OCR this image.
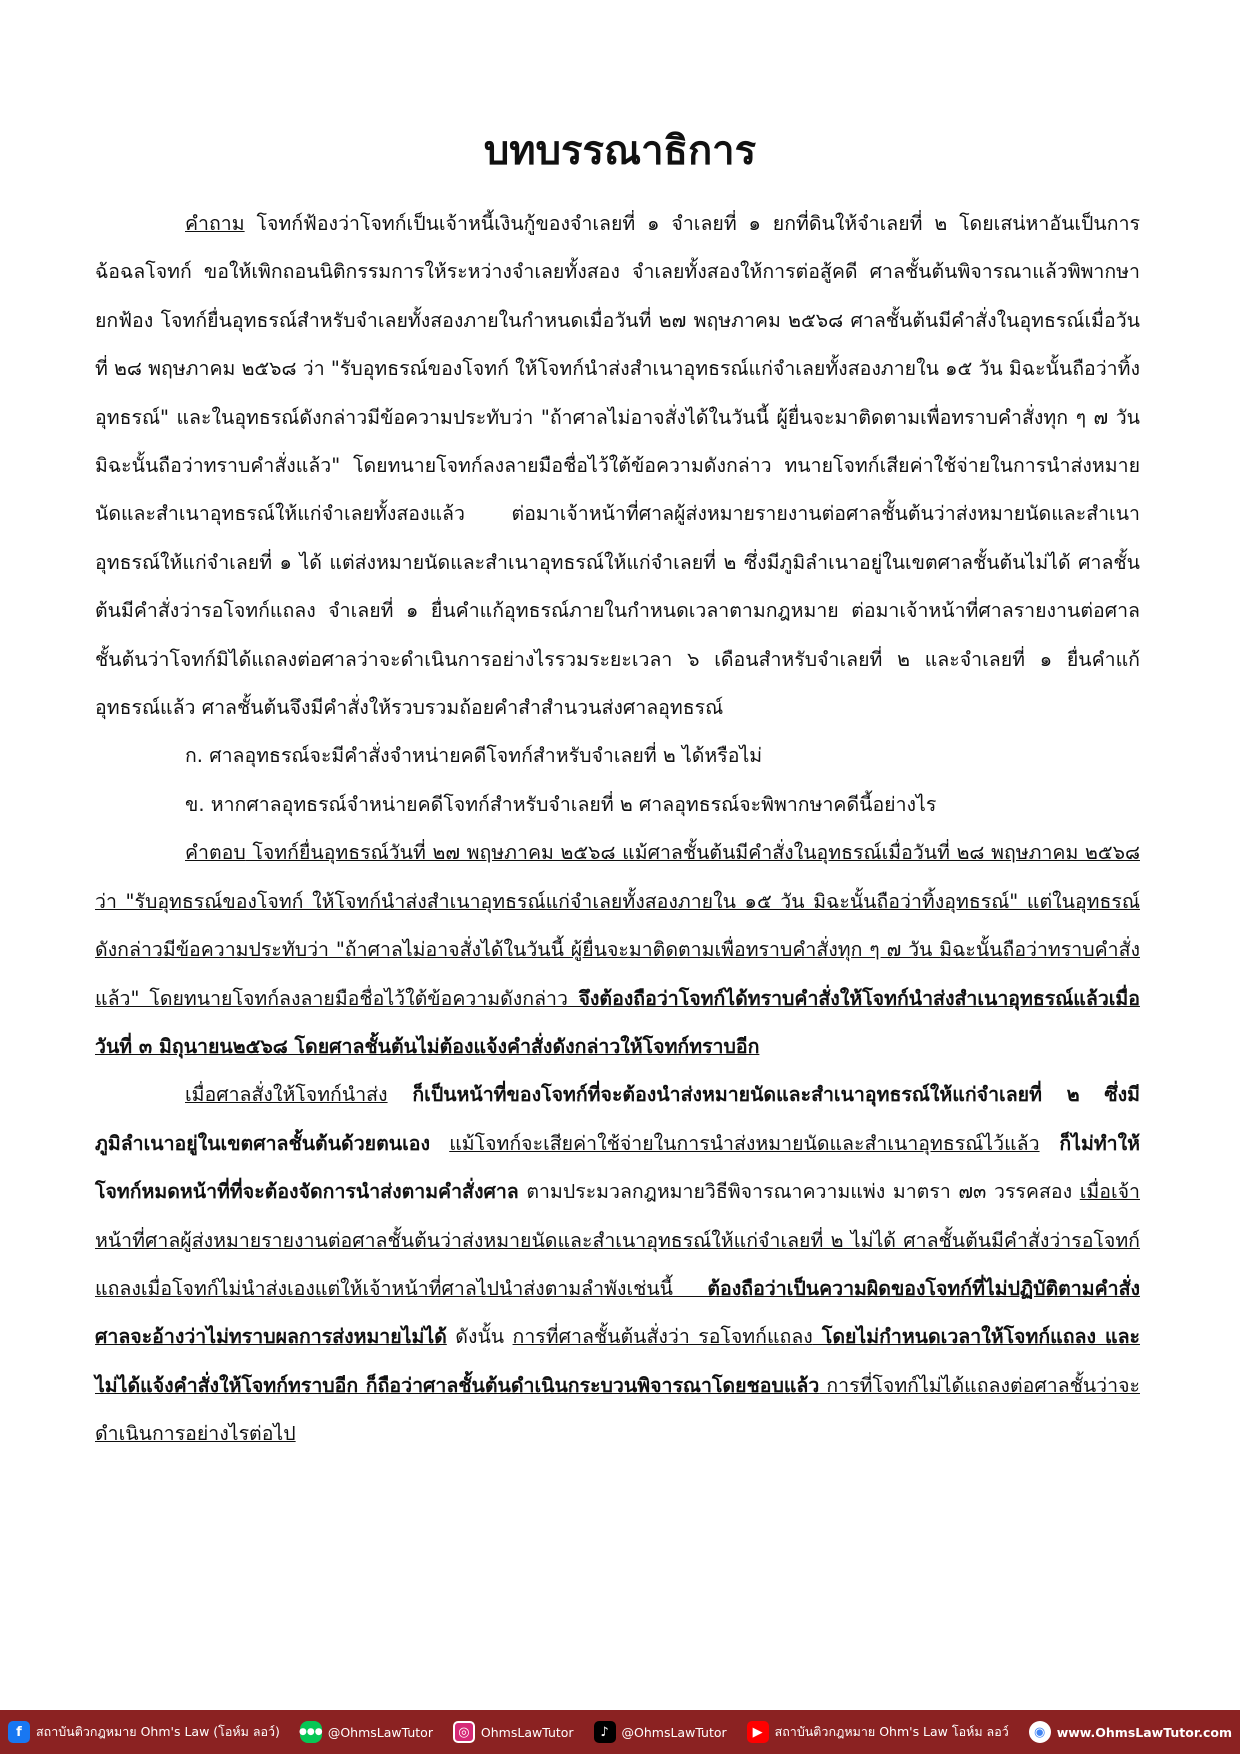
บทบรรณาธิการ

คำถาม โจทก์ฟ้องว่าโจทก์เป็นเจ้าหนี้เงินกู้ของจำเลยที่ ๑ จำเลยที่ ๑ ยกที่ดินให้จำเลยที่ ๒ โดยเสน่หาอันเป็นการฉ้อฉลโจทก์ ขอให้เพิกถอนนิติกรรมการให้ระหว่างจำเลยทั้งสอง จำเลยทั้งสองให้การต่อสู้คดี ศาลชั้นต้นพิจารณาแล้วพิพากษายกฟ้อง โจทก์ยื่นอุทธรณ์สำหรับจำเลยทั้งสองภายในกำหนดเมื่อวันที่ ๒๗ พฤษภาคม ๒๕๖๘ ศาลชั้นต้นมีคำสั่งในอุทธรณ์เมื่อวันที่ ๒๘ พฤษภาคม ๒๕๖๘ ว่า "รับอุทธรณ์ของโจทก์ ให้โจทก์นำส่งสำเนาอุทธรณ์แก่จำเลยทั้งสองภายใน ๑๕ วัน มิฉะนั้นถือว่าทิ้งอุทธรณ์" และในอุทธรณ์ดังกล่าวมีข้อความประทับว่า "ถ้าศาลไม่อาจสั่งได้ในวันนี้ ผู้ยื่นจะมาติดตามเพื่อทราบคำสั่งทุก ๆ ๗ วัน มิฉะนั้นถือว่าทราบคำสั่งแล้ว" โดยทนายโจทก์ลงลายมือชื่อไว้ใต้ข้อความดังกล่าว ทนายโจทก์เสียค่าใช้จ่ายในการนำส่งหมายนัดและสำเนาอุทธรณ์ให้แก่จำเลยทั้งสองแล้ว ต่อมาเจ้าหน้าที่ศาลผู้ส่งหมายรายงานต่อศาลชั้นต้นว่าส่งหมายนัดและสำเนาอุทธรณ์ให้แก่จำเลยที่ ๑ ได้ แต่ส่งหมายนัดและสำเนาอุทธรณ์ให้แก่จำเลยที่ ๒ ซึ่งมีภูมิลำเนาอยู่ในเขตศาลชั้นต้นไม่ได้ ศาลชั้นต้นมีคำสั่งว่ารอโจทก์แถลง จำเลยที่ ๑ ยื่นคำแก้อุทธรณ์ภายในกำหนดเวลาตามกฎหมาย ต่อมาเจ้าหน้าที่ศาลรายงานต่อศาลชั้นต้นว่าโจทก์มิได้แถลงต่อศาลว่าจะดำเนินการอย่างไรรวมระยะเวลา ๖ เดือนสำหรับจำเลยที่ ๒ และจำเลยที่ ๑ ยื่นคำแก้อุทธรณ์แล้ว ศาลชั้นต้นจึงมีคำสั่งให้รวบรวมถ้อยคำสำสำนวนส่งศาลอุทธรณ์

ก. ศาลอุทธรณ์จะมีคำสั่งจำหน่ายคดีโจทก์สำหรับจำเลยที่ ๒ ได้หรือไม่

ข. หากศาลอุทธรณ์จำหน่ายคดีโจทก์สำหรับจำเลยที่ ๒ ศาลอุทธรณ์จะพิพากษาคดีนี้อย่างไร

คำตอบ โจทก์ยื่นอุทธรณ์วันที่ ๒๗ พฤษภาคม ๒๕๖๘ แม้ศาลชั้นต้นมีคำสั่งในอุทธรณ์เมื่อวันที่ ๒๘ พฤษภาคม ๒๕๖๘ ว่า "รับอุทธรณ์ของโจทก์ ให้โจทก์นำส่งสำเนาอุทธรณ์แก่จำเลยทั้งสองภายใน ๑๕ วัน มิฉะนั้นถือว่าทิ้งอุทธรณ์" แต่ในอุทธรณ์ดังกล่าวมีข้อความประทับว่า "ถ้าศาลไม่อาจสั่งได้ในวันนี้ ผู้ยื่นจะมาติดตามเพื่อทราบคำสั่งทุก ๆ ๗ วัน มิฉะนั้นถือว่าทราบคำสั่งแล้ว" โดยทนายโจทก์ลงลายมือชื่อไว้ใต้ข้อความดังกล่าว จึงต้องถือว่าโจทก์ได้ทราบคำสั่งให้โจทก์นำส่งสำเนาอุทธรณ์แล้วเมื่อวันที่ ๓ มิถุนายน๒๕๖๘ โดยศาลชั้นต้นไม่ต้องแจ้งคำสั่งดังกล่าวให้โจทก์ทราบอีก

เมื่อศาลสั่งให้โจทก์นำส่ง ก็เป็นหน้าที่ของโจทก์ที่จะต้องนำส่งหมายนัดและสำเนาอุทธรณ์ให้แก่จำเลยที่ ๒ ซึ่งมีภูมิลำเนาอยู่ในเขตศาลชั้นต้นด้วยตนเอง แม้โจทก์จะเสียค่าใช้จ่ายในการนำส่งหมายนัดและสำเนาอุทธรณ์ไว้แล้ว ก็ไม่ทำให้โจทก์หมดหน้าที่ที่จะต้องจัดการนำส่งตามคำสั่งศาล ตามประมวลกฎหมายวิธีพิจารณาความแพ่ง มาตรา ๗๓ วรรคสอง เมื่อเจ้าหน้าที่ศาลผู้ส่งหมายรายงานต่อศาลชั้นต้นว่าส่งหมายนัดและสำเนาอุทธรณ์ให้แก่จำเลยที่ ๒ ไม่ได้ ศาลชั้นต้นมีคำสั่งว่ารอโจทก์แถลงเมื่อโจทก์ไม่นำส่งเองแต่ให้เจ้าหน้าที่ศาลไปนำส่งตามลำพังเช่นนี้ ต้องถือว่าเป็นความผิดของโจทก์ที่ไม่ปฏิบัติตามคำสั่งศาลจะอ้างว่าไม่ทราบผลการส่งหมายไม่ได้ ดังนั้น การที่ศาลชั้นต้นสั่งว่า รอโจทก์แถลง โดยไม่กำหนดเวลาให้โจทก์แถลง และไม่ได้แจ้งคำสั่งให้โจทก์ทราบอีก ก็ถือว่าศาลชั้นต้นดำเนินกระบวนพิจารณาโดยชอบแล้ว การที่โจทก์ไม่ได้แถลงต่อศาลชั้นว่าจะดำเนินการอย่างไรต่อไป

f	สถาบันติวกฎหมาย Ohm's Law (โอห์ม ลอว์) ●●● @OhmsLawTutor	◎ OhmsLawTutor	♪	@OhmsLawTutor	▶ สถาบันติวกฎหมาย Ohm's Law โอห์ม ลอว์	◉ www.OhmsLawTutor.com
